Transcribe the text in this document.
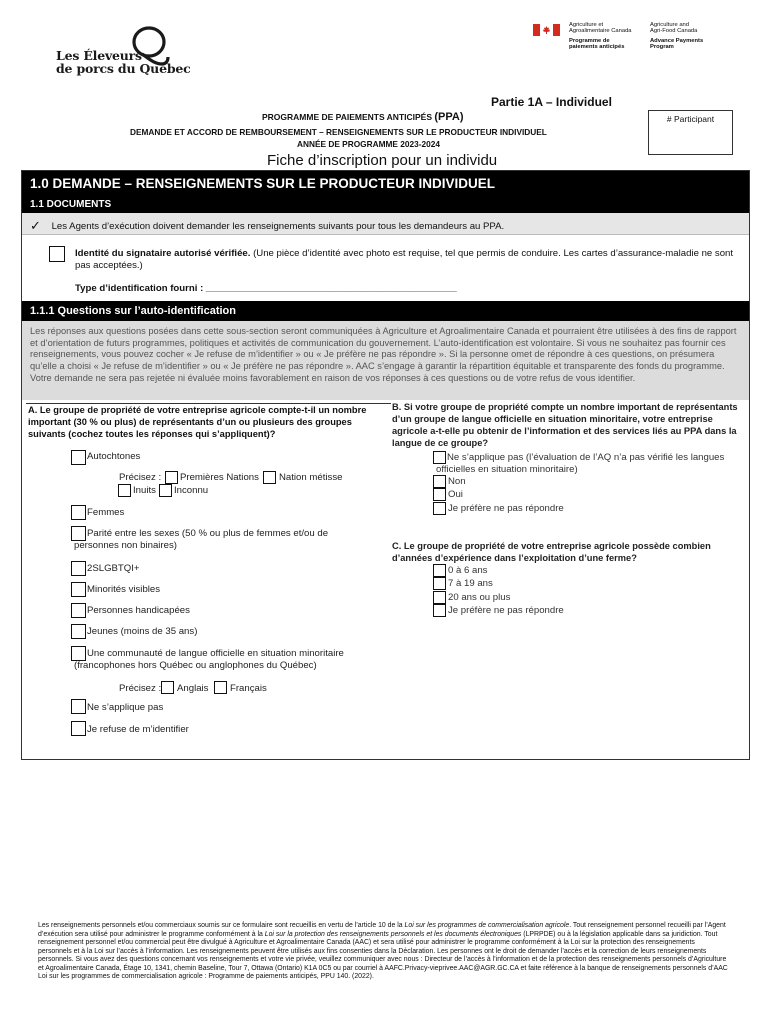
Les Éleveurs
de porcs du Québec
Agriculture et
Agroalimentaire Canada
Programme de
paiements anticipés
Agriculture and
Agri-Food Canada
Advance Payments
Program
Partie 1A – Individuel
PROGRAMME DE PAIEMENTS ANTICIPÉS (PPA)
DEMANDE ET ACCORD DE REMBOURSEMENT – RENSEIGNEMENTS SUR LE PRODUCTEUR INDIVIDUEL
ANNÉE DE PROGRAMME 2023-2024
# Participant
Fiche d’inscription pour un individu
1.0 DEMANDE – RENSEIGNEMENTS SUR LE PRODUCTEUR INDIVIDUEL
1.1 DOCUMENTS
✓ Les Agents d’exécution doivent demander les renseignements suivants pour tous les demandeurs au PPA.
Identité du signataire autorisé vérifiée. (Une pièce d’identité avec photo est requise, tel que permis de conduire. Les cartes d’assurance-maladie ne sont pas acceptées.)
Type d’identification fourni : _______________________________________________
1.1.1 Questions sur l’auto-identification
Les réponses aux questions posées dans cette sous-section seront communiquées à Agriculture et Agroalimentaire Canada et pourraient être utilisées à des fins de rapport et d’orientation de futurs programmes, politiques et activités de communication du gouvernement. L’auto-identification est volontaire. Si vous ne souhaitez pas fournir ces renseignements, vous pouvez cocher « Je refuse de m’identifier » ou « Je préfère ne pas répondre ». Si la personne omet de répondre à ces questions, on présumera qu’elle a choisi « Je refuse de m’identifier » ou « Je préfère ne pas répondre ». AAC s’engage à garantir la répartition équitable et transparente des fonds du programme. Votre demande ne sera pas rejetée ni évaluée moins favorablement en raison de vos réponses à ces questions ou de votre refus de vous identifier.
A. Le groupe de propriété de votre entreprise agricole compte-t-il un nombre important (30 % ou plus) de représentants d’un ou plusieurs des groupes suivants (cochez toutes les réponses qui s’appliquent)?
Autochtones
Précisez : Premières Nations Nation métisse
Inuits Inconnu
Femmes
Parité entre les sexes (50 % ou plus de femmes et/ou de personnes non binaires)
2SLGBTQI+
Minorités visibles
Personnes handicapées
Jeunes (moins de 35 ans)
Une communauté de langue officielle en situation minoritaire (francophones hors Québec ou anglophones du Québec)
Précisez : Anglais Français
Ne s’applique pas
Je refuse de m’identifier
B. Si votre groupe de propriété compte un nombre important de représentants d’un groupe de langue officielle en situation minoritaire, votre entreprise agricole a-t-elle pu obtenir de l’information et des services liés au PPA dans la langue de ce groupe?
Ne s’applique pas (l’évaluation de l’AQ n’a pas vérifié les langues officielles en situation minoritaire)
Non
Oui
Je préfère ne pas répondre
C. Le groupe de propriété de votre entreprise agricole possède combien d’années d’expérience dans l’exploitation d’une ferme?
0 à 6 ans
7 à 19 ans
20 ans ou plus
Je préfère ne pas répondre
Les renseignements personnels et/ou commerciaux soumis sur ce formulaire sont recueillis en vertu de l’article 10 de la Loi sur les programmes de commercialisation agricole. Tout renseignement personnel recueilli par l’Agent d’exécution sera utilisé pour administrer le programme conformément à la Loi sur la protection des renseignements personnels et les documents électroniques (LPRPDE) ou à la législation applicable dans sa juridiction. Tout renseignement personnel et/ou commercial peut être divulgué à Agriculture et Agroalimentaire Canada (AAC) et sera utilisé pour administrer le programme conformément à la Loi sur la protection des renseignements personnels et à la Loi sur l’accès à l’information. Les renseignements peuvent être utilisés aux fins consenties dans la Déclaration. Les personnes ont le droit de demander l’accès et la correction de leurs renseignements personnels. Si vous avez des questions concernant vos renseignements et votre vie privée, veuillez communiquer avec nous : Directeur de l’accès à l’information et de la protection des renseignements personnels d’Agriculture et Agroalimentaire Canada, Étage 10, 1341, chemin Baseline, Tour 7, Ottawa (Ontario) K1A 0C5 ou par courriel à AAFC.Privacy-vieprivee.AAC@AGR.GC.CA et faite référence à la banque de renseignements personnels d’AAC Loi sur les programmes de commercialisation agricole : Programme de paiements anticipés, PPU 140. (2022).
